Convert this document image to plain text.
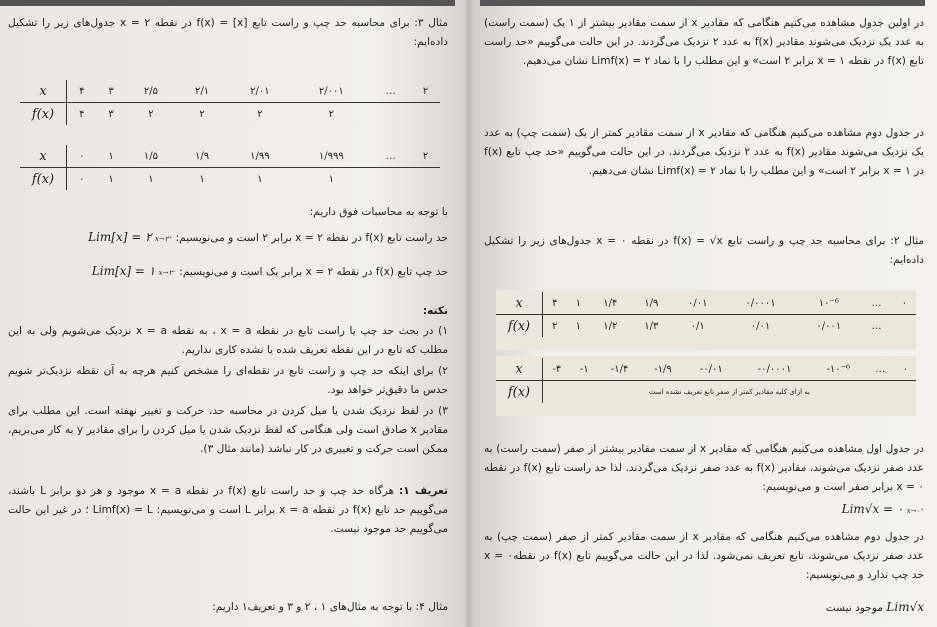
مثال ۳: برای محاسبه حد چپ و راست تابع [x] = f(x) در نقطه ۲ = x جدول‌های زیر را تشکیل داده‌ایم:
x	۴	۳	۲/۵	۲/۱	۲/۰۱	۲/۰۰۱	…	۲
f(x)	۴	۳	۲	۲	۲	۲		
x	۰	۱	۱/۵	۱/۹	۱/۹۹	۱/۹۹۹	…	۲
f(x)	۰	۱	۱	۱	۱	۱		
با توجه به محاسبات فوق داریم:
حد راست تابع f(x) در نقطه ۲ = x برابر ۲ است و می‌نویسیم: Lim[x] = ۲ x→۲⁺
حد چپ تابع f(x) در نقطه ۲ = x برابر یک است و می‌نویسیم: Lim[x] = ۱ x→۲⁻
نکته:
۱) در بحث حد چپ یا راست تابع در نقطه x = a ، به نقطه x = a نزدیک می‌شویم ولی به این مطلب که تابع در این نقطه تعریف شده یا نشده کاری نداریم.
۲) برای اینکه حد چپ و راست تابع در نقطه‌ای را مشخص کنیم هرچه به آن نقطه نزدیک‌تر شویم حدس ما دقیق‌تر خواهد بود.
۳) در لفظ نزدیک شدن یا میل کردن در محاسبه حد، حرکت و تغییر نهفته است. این مطلب برای مقادیر x صادق است ولی هنگامی که لفظ نزدیک شدن یا میل کردن را برای مقادیر y به کار می‌بریم، ممکن است حرکت و تغییری در کار نباشد (مانند مثال ۳).
تعریف ۱: هرگاه حد چپ و حد راست تابع f(x) در نقطه x = a موجود و هر دو برابر L باشند، می‌گوییم حد تابع f(x) در نقطه x = a برابر L است و می‌نویسیم: Limf(x) = L ؛ در غیر این حالت می‌گوییم حد موجود نیست.
مثال ۴: با توجه به مثال‌های ۱ ، ۲ و ۳ و تعریف۱ داریم:
در اولین جدول مشاهده می‌کنیم هنگامی که مقادیر x از سمت مقادیر بیشتر از ۱ یک (سمت راست) به عدد یک نزدیک می‌شوند مقادیر f(x) به عدد ۲ نزدیک می‌گردند. در این حالت می‌گوییم «حد راست تابع f(x) در نقطه ۱ = x برابر ۲ است» و این مطلب را با نماد Limf(x) = ۲ نشان می‌دهیم.
در جدول دوم مشاهده می‌کنیم هنگامی که مقادیر x از سمت مقادیر کمتر از یک (سمت چپ) به عدد یک نزدیک می‌شوند مقادیر f(x) به عدد ۲ نزدیک می‌گردند. در این حالت می‌گوییم «حد چپ تابع f(x) در ۱ = x برابر ۲ است» و این مطلب را با نماد Limf(x) = ۲ نشان می‌دهیم.
مثال ۲: برای محاسبه حد چپ و راست تابع f(x) = √x در نقطه ۰ = x جدول‌های زیر را تشکیل داده‌ایم:
x	۴	۱	۱/۴	۱/۹	۰/۰۱	۰/۰۰۰۱	۱۰⁻⁶	…	۰
f(x)	۲	۱	۱/۲	۱/۳	۰/۱	۰/۰۱	۰/۰۰۱	…	
x	-۴	-۱	-۱/۴	-۱/۹	-۰/۰۱	-۰/۰۰۰۱	-۱۰⁻⁶	…	۰
f(x)	به ازای کلیه مقادیر کمتر از صفر تابع تعریف نشده است								
در جدول اول مشاهده می‌کنیم هنگامی که مقادیر x از سمت مقادیر بیشتر از صفر (سمت راست) به عدد صفر نزدیک می‌شوند، مقادیر f(x) به عدد صفر نزدیک می‌گردند. لذا حد راست تابع f(x) در نقطه ۰ = x برابر صفر است و می‌نویسیم:
Lim√x = ۰ x→۰⁺
در جدول دوم مشاهده می‌کنیم هنگامی که مقادیر x از سمت مقادیر کمتر از صفر (سمت چپ) به عدد صفر نزدیک می‌شوند، تابع تعریف نمی‌شود. لذا در این حالت می‌گوییم تابع f(x) در نقطه۰ = x حد چپ ندارد و می‌نویسیم:
Lim√x موجود نیست
